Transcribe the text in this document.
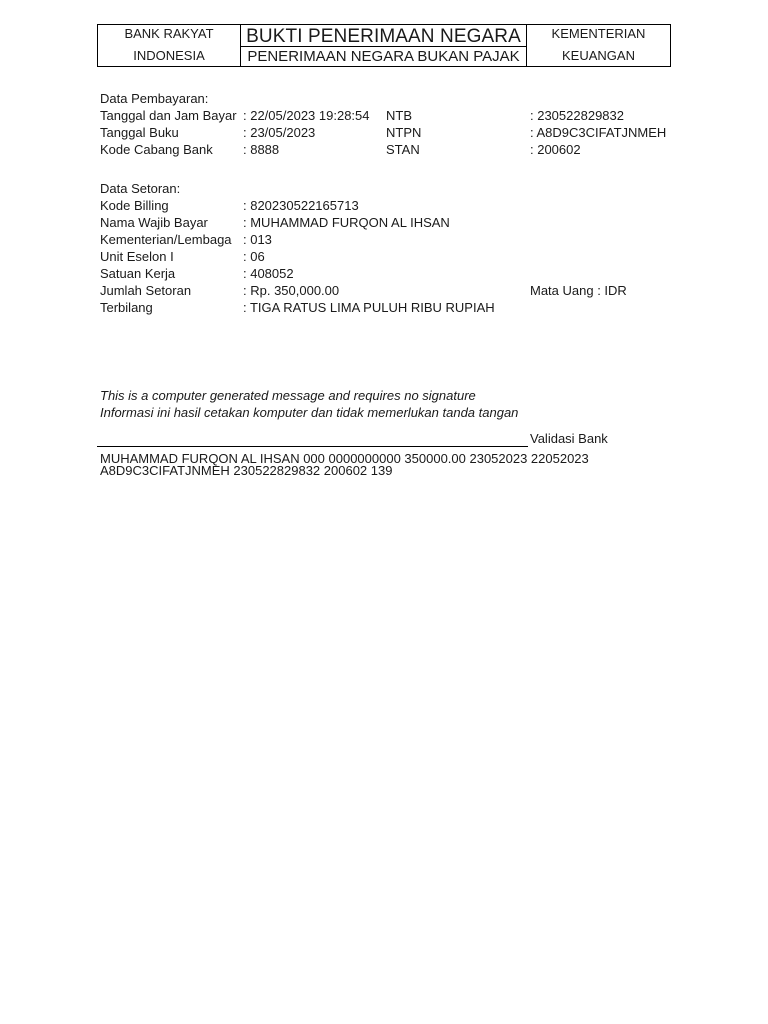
BANK RAKYAT
INDONESIA
BUKTI PENERIMAAN NEGARA
PENERIMAAN NEGARA BUKAN PAJAK
KEMENTERIAN
KEUANGAN
Data Pembayaran:
Tanggal dan Jam Bayar : 22/05/2023 19:28:54 NTB	: 230522829832
Tanggal Buku	: 23/05/2023	NTPN	: A8D9C3CIFATJNMEH
Kode Cabang Bank : 8888	STAN	: 200602
Data Setoran:
Kode Billing	: 820230522165713
Nama Wajib Bayar	: MUHAMMAD FURQON AL IHSAN
Kementerian/Lembaga : 013
Unit Eselon I	: 06
Satuan Kerja	: 408052
Jumlah Setoran	: Rp. 350,000.00	Mata Uang : IDR
Terbilang	: TIGA RATUS LIMA PULUH RIBU RUPIAH
This is a computer generated message and requires no signature
Informasi ini hasil cetakan komputer dan tidak memerlukan tanda tangan
Validasi Bank
MUHAMMAD FURQON AL IHSAN 000 0000000000 350000.00 23052023 22052023
A8D9C3CIFATJNMEH 230522829832 200602 139
